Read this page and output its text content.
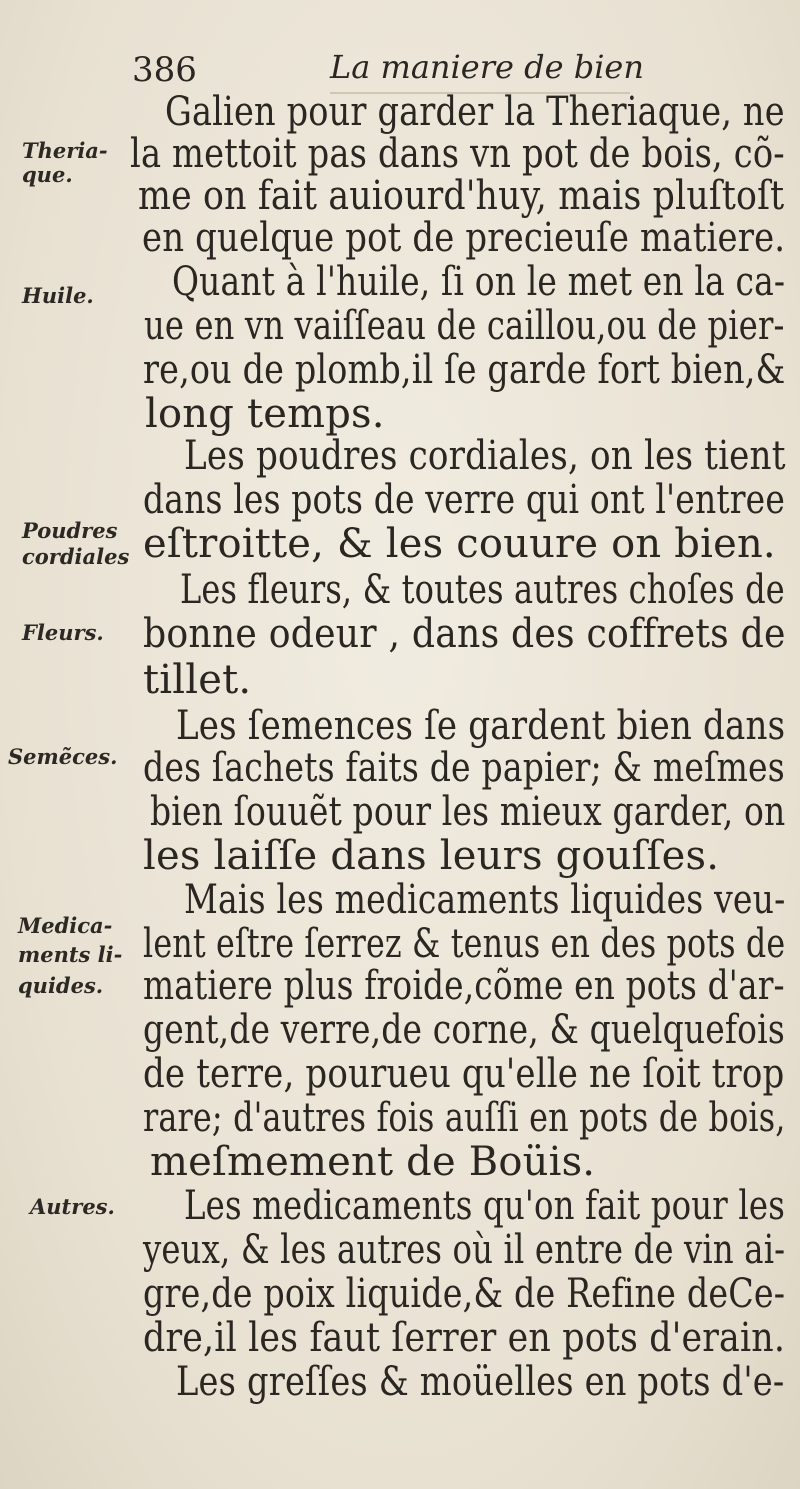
386	La maniere de bien
Theria-
que.
Huile.
Poudres
cordiales
Fleurs.
Semẽces.
Medica-
ments li-
quides.
Autres.
Galien pour garder la Theriaque, ne
la mettoit pas dans vn pot de bois, cõ-
me on fait auiourd'huy, mais pluſtoſt
en quelque pot de precieuſe matiere.
Quant à l'huile, ſi on le met en la ca-
ue en vn vaiſſeau de caillou,ou de pier-
re,ou de plomb,il ſe garde fort bien,&
long temps.
Les poudres cordiales, on les tient
dans les pots de verre qui ont l'entree
eſtroitte, & les couure on bien.
Les fleurs, & toutes autres choſes de
bonne odeur , dans des coffrets de
tillet.
Les ſemences ſe gardent bien dans
des ſachets faits de papier; & meſmes
bien ſouuẽt pour les mieux garder, on
les laiſſe dans leurs gouſſes.
Mais les medicaments liquides veu-
lent eſtre ſerrez & tenus en des pots de
matiere plus froide,cõme en pots d'ar-
gent,de verre,de corne, & quelquefois
de terre, pourueu qu'elle ne ſoit trop
rare; d'autres fois auſſi en pots de bois,
meſmement de Boüis.
Les medicaments qu'on fait pour les
yeux, & les autres où il entre de vin ai-
gre,de poix liquide,& de Refine deCe-
dre,il les faut ſerrer en pots d'erain.
Les greſſes & moüelles en pots d'e-
